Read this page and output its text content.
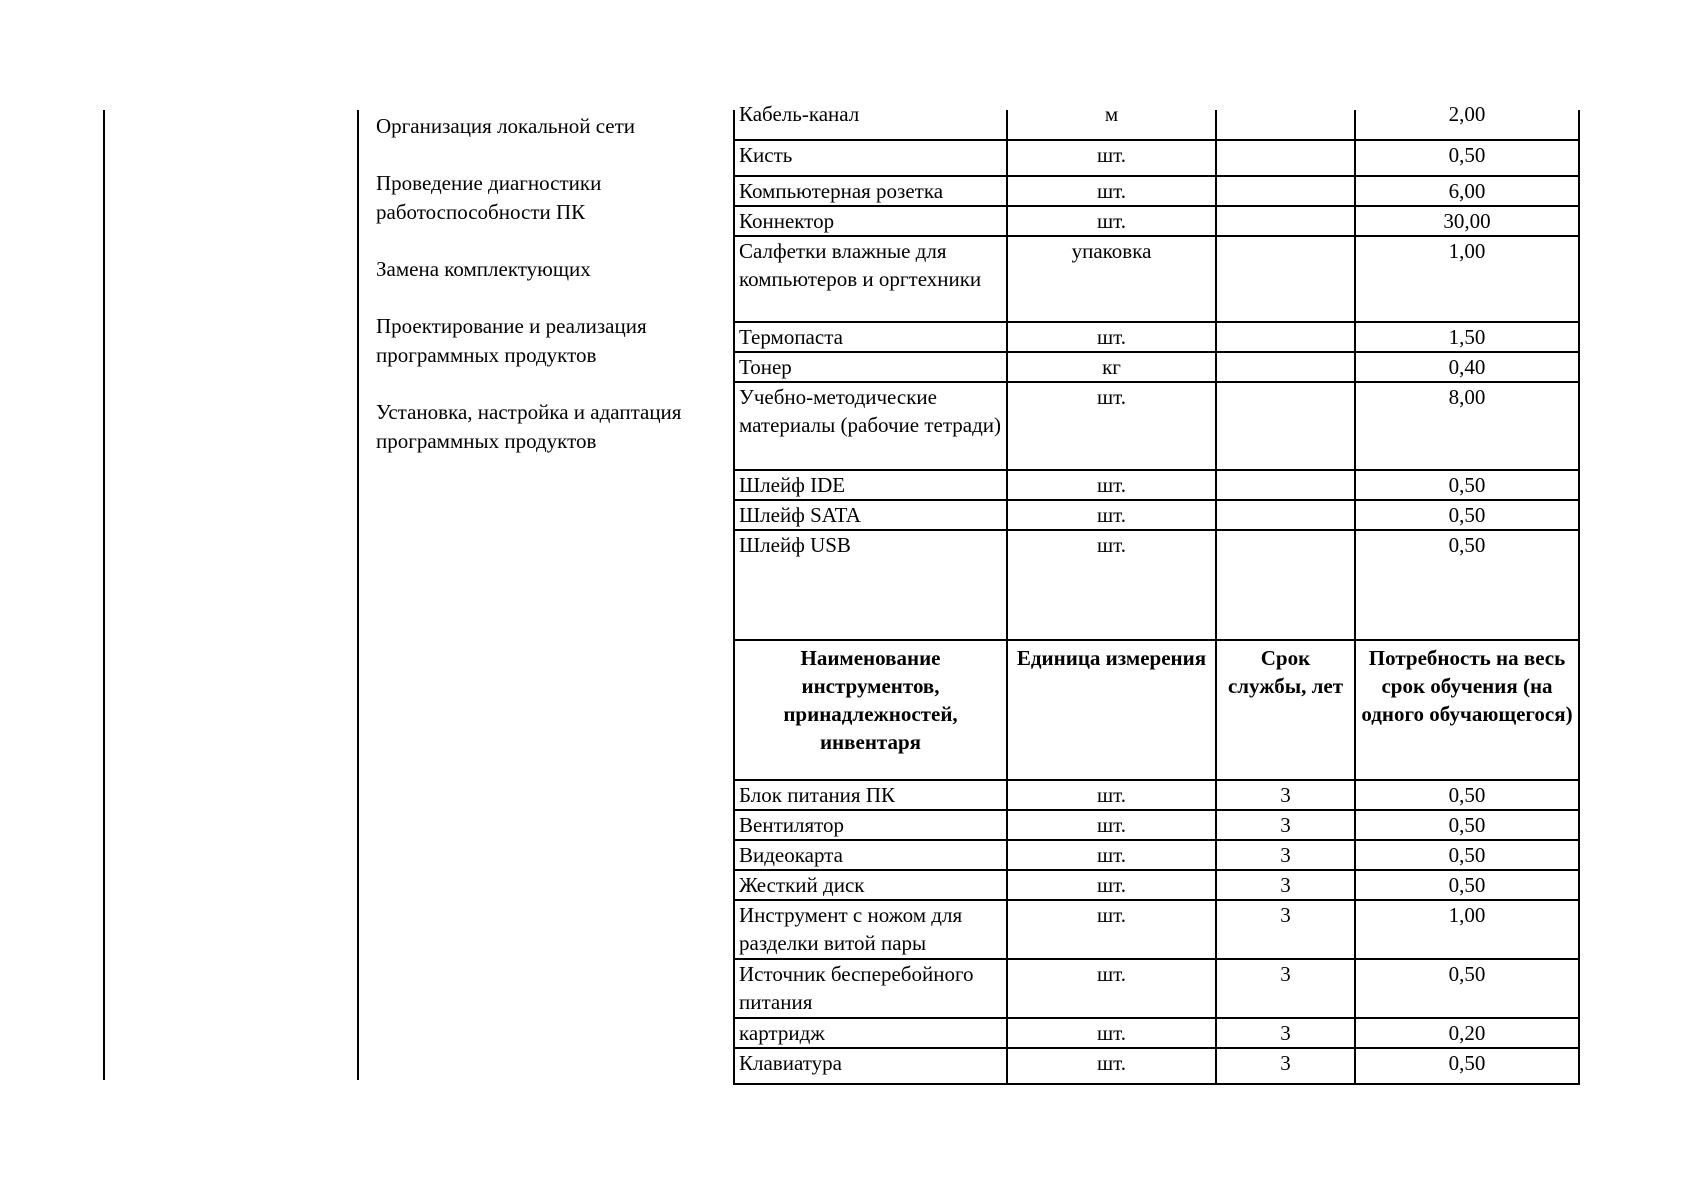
Организация локальной сети
Проведение диагностики работоспособности ПК
Замена комплектующих
Проектирование и реализация программных продуктов
Установка, настройка и адаптация программных продуктов
Кабель-канал	м		2,00
Кисть	шт.		0,50
Компьютерная розетка	шт.		6,00
Коннектор	шт.		30,00
Салфетки влажные для компьютеров и оргтехники	упаковка		1,00
Термопаста	шт.		1,50
Тонер	кг		0,40
Учебно-методические материалы (рабочие тетради)	шт.		8,00
Шлейф IDE	шт.		0,50
Шлейф SATA	шт.		0,50
Шлейф USB	шт.		0,50
Наименование инструментов, принадлежностей, инвентаря	Единица измерения	Срок службы, лет	Потребность на весь срок обучения (на одного обучающегося)
Блок питания ПК	шт.	3	0,50
Вентилятор	шт.	3	0,50
Видеокарта	шт.	3	0,50
Жесткий диск	шт.	3	0,50
Инструмент с ножом для разделки витой пары	шт.	3	1,00
Источник бесперебойного питания	шт.	3	0,50
картридж	шт.	3	0,20
Клавиатура	шт.	3	0,50
